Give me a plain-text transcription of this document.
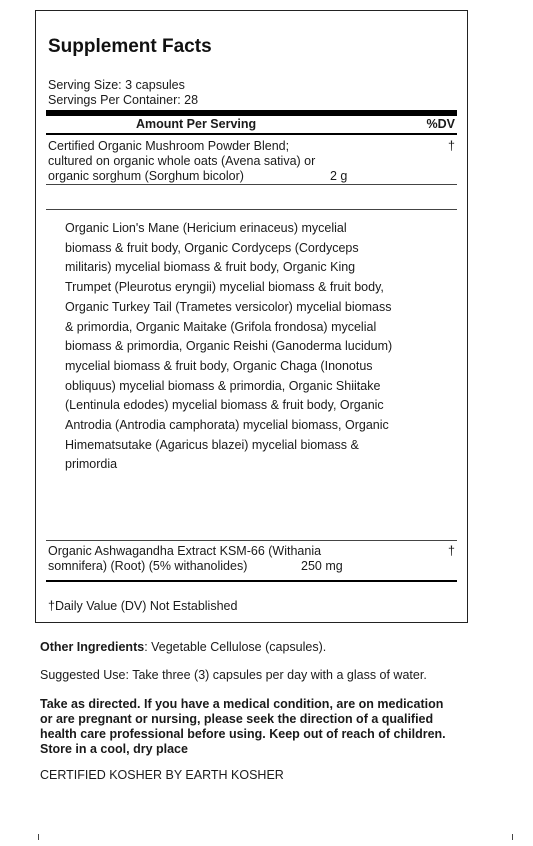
Supplement Facts
Serving Size: 3 capsules
Servings Per Container: 28
Amount Per Serving	%DV
Certified Organic Mushroom Powder Blend;
cultured on organic whole oats (Avena sativa) or
organic sorghum (Sorghum bicolor)	2 g
†
Organic Lion's Mane (Hericium erinaceus) mycelial biomass & fruit body, Organic Cordyceps (Cordyceps militaris) mycelial biomass & fruit body, Organic King Trumpet (Pleurotus eryngii) mycelial biomass & fruit body, Organic Turkey Tail (Trametes versicolor) mycelial biomass & primordia, Organic Maitake (Grifola frondosa) mycelial biomass & primordia, Organic Reishi (Ganoderma lucidum) mycelial biomass & fruit body, Organic Chaga (Inonotus obliquus) mycelial biomass & primordia, Organic Shiitake (Lentinula edodes) mycelial biomass & fruit body, Organic Antrodia (Antrodia camphorata) mycelial biomass, Organic Himematsutake (Agaricus blazei) mycelial biomass & primordia
Organic Ashwagandha Extract KSM-66 (Withania
somnifera) (Root) (5% withanolides)	250 mg
†
†Daily Value (DV) Not Established
Other Ingredients: Vegetable Cellulose (capsules).
Suggested Use: Take three (3) capsules per day with a glass of water.
Take as directed. If you have a medical condition, are on medication
or are pregnant or nursing, please seek the direction of a qualified
health care professional before using. Keep out of reach of children.
Store in a cool, dry place
CERTIFIED KOSHER BY EARTH KOSHER
